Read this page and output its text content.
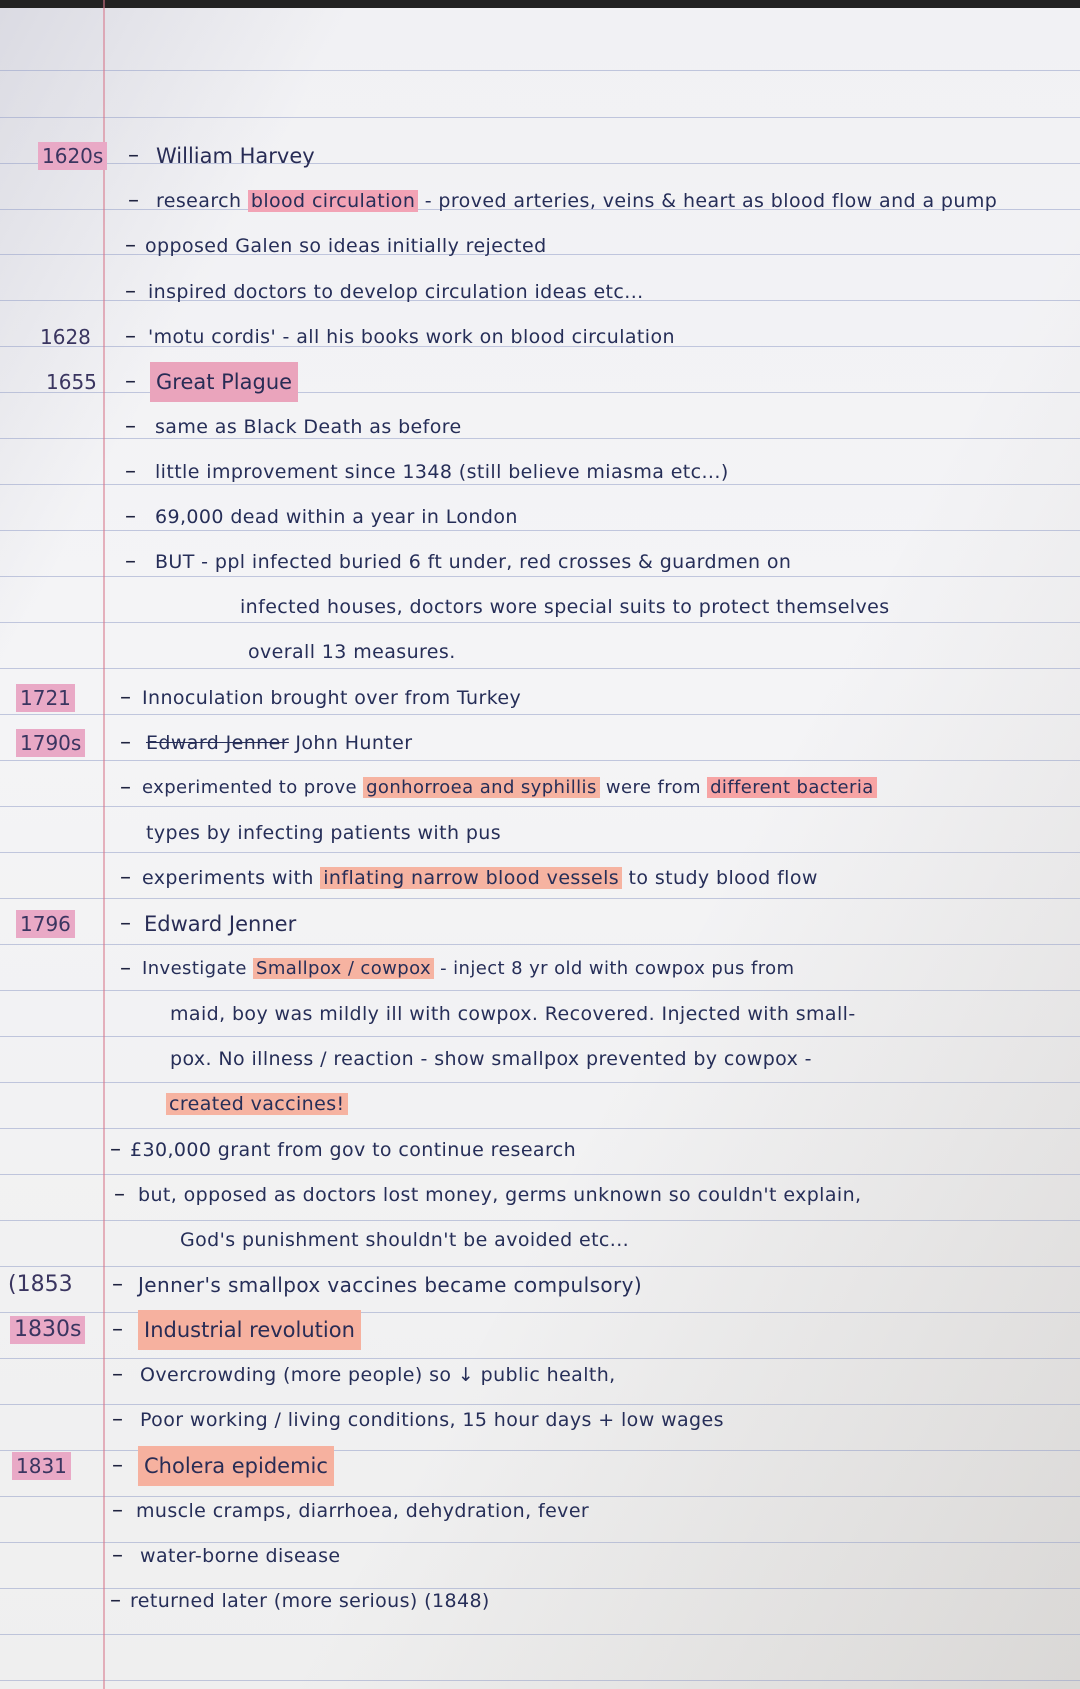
1620s – William Harvey
– research blood circulation - proved arteries, veins & heart as blood flow and a pump
– opposed Galen so ideas initially rejected
– inspired doctors to develop circulation ideas etc...
1628 – 'motu cordis' - all his books work on blood circulation
1655 – Great Plague
– same as Black Death as before
– little improvement since 1348 (still believe miasma etc...)
– 69,000 dead within a year in London
– BUT - ppl infected buried 6 ft under, red crosses & guardmen on
infected houses, doctors wore special suits to protect themselves
overall 13 measures.
1721 – Innoculation brought over from Turkey
1790s – Edward Jenner John Hunter
– experimented to prove gonhorroea and syphillis were from different bacteria
types by infecting patients with pus
– experiments with inflating narrow blood vessels to study blood flow
1796 – Edward Jenner
– Investigate Smallpox / cowpox - inject 8 yr old with cowpox pus from
maid, boy was mildly ill with cowpox. Recovered. Injected with small-
pox. No illness / reaction - show smallpox prevented by cowpox -
created vaccines!
– £30,000 grant from gov to continue research
– but, opposed as doctors lost money, germs unknown so couldn't explain,
God's punishment shouldn't be avoided etc...
(1853 – Jenner's smallpox vaccines became compulsory)
1830s – Industrial revolution
– Overcrowding (more people) so ↓ public health,
– Poor working / living conditions, 15 hour days + low wages
1831 – Cholera epidemic
– muscle cramps, diarrhoea, dehydration, fever
– water-borne disease
– returned later (more serious) (1848)
